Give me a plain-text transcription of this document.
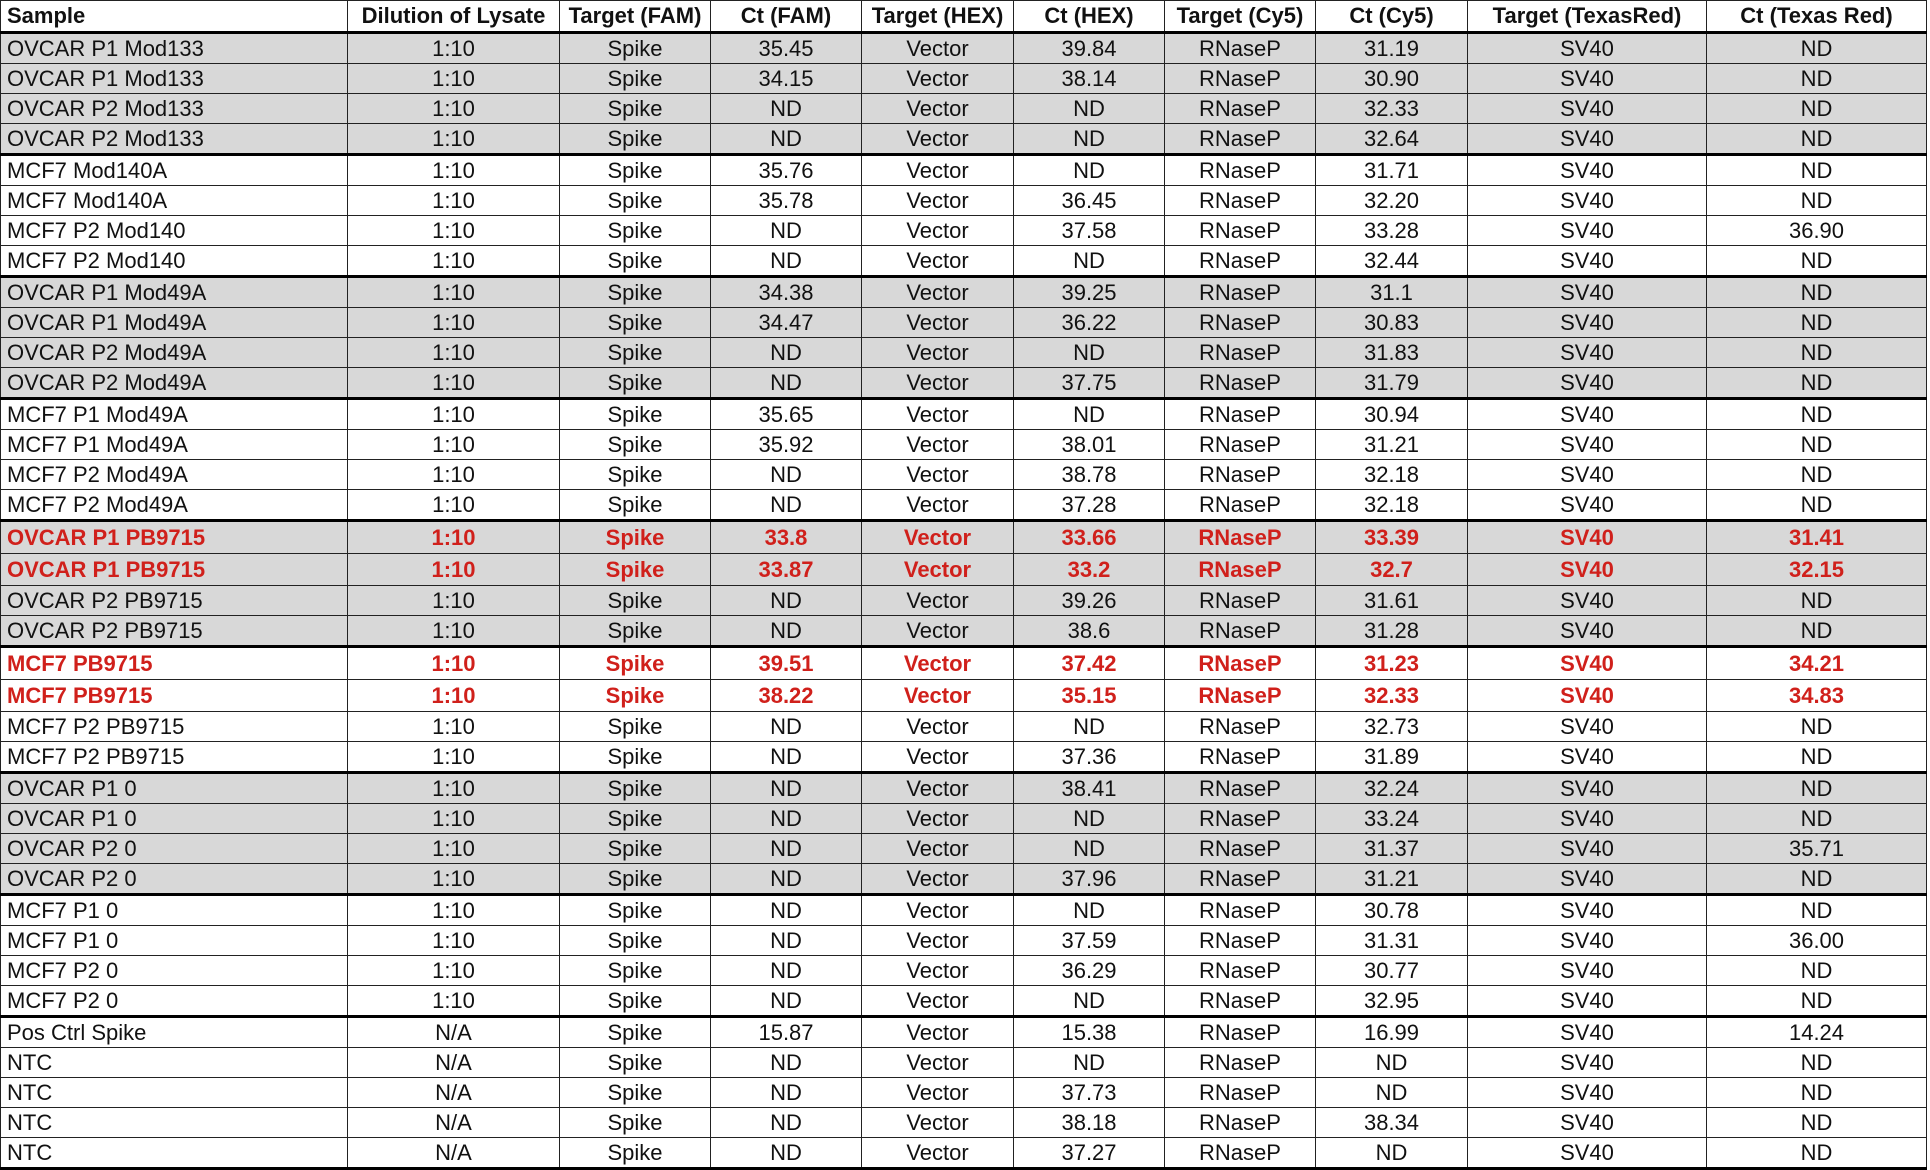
Sample	Dilution of Lysate	Target (FAM)	Ct (FAM)	Target (HEX)	Ct (HEX)	Target (Cy5)	Ct (Cy5)	Target (TexasRed)	Ct (Texas Red)
OVCAR P1 Mod133	1:10	Spike	35.45	Vector	39.84	RNaseP	31.19	SV40	ND
OVCAR P1 Mod133	1:10	Spike	34.15	Vector	38.14	RNaseP	30.90	SV40	ND
OVCAR P2 Mod133	1:10	Spike	ND	Vector	ND	RNaseP	32.33	SV40	ND
OVCAR P2 Mod133	1:10	Spike	ND	Vector	ND	RNaseP	32.64	SV40	ND
MCF7 Mod140A	1:10	Spike	35.76	Vector	ND	RNaseP	31.71	SV40	ND
MCF7 Mod140A	1:10	Spike	35.78	Vector	36.45	RNaseP	32.20	SV40	ND
MCF7 P2 Mod140	1:10	Spike	ND	Vector	37.58	RNaseP	33.28	SV40	36.90
MCF7 P2 Mod140	1:10	Spike	ND	Vector	ND	RNaseP	32.44	SV40	ND
OVCAR P1 Mod49A	1:10	Spike	34.38	Vector	39.25	RNaseP	31.1	SV40	ND
OVCAR P1 Mod49A	1:10	Spike	34.47	Vector	36.22	RNaseP	30.83	SV40	ND
OVCAR P2 Mod49A	1:10	Spike	ND	Vector	ND	RNaseP	31.83	SV40	ND
OVCAR P2 Mod49A	1:10	Spike	ND	Vector	37.75	RNaseP	31.79	SV40	ND
MCF7 P1 Mod49A	1:10	Spike	35.65	Vector	ND	RNaseP	30.94	SV40	ND
MCF7 P1 Mod49A	1:10	Spike	35.92	Vector	38.01	RNaseP	31.21	SV40	ND
MCF7 P2 Mod49A	1:10	Spike	ND	Vector	38.78	RNaseP	32.18	SV40	ND
MCF7 P2 Mod49A	1:10	Spike	ND	Vector	37.28	RNaseP	32.18	SV40	ND
OVCAR P1 PB9715	1:10	Spike	33.8	Vector	33.66	RNaseP	33.39	SV40	31.41
OVCAR P1 PB9715	1:10	Spike	33.87	Vector	33.2	RNaseP	32.7	SV40	32.15
OVCAR P2 PB9715	1:10	Spike	ND	Vector	39.26	RNaseP	31.61	SV40	ND
OVCAR P2 PB9715	1:10	Spike	ND	Vector	38.6	RNaseP	31.28	SV40	ND
MCF7 PB9715	1:10	Spike	39.51	Vector	37.42	RNaseP	31.23	SV40	34.21
MCF7 PB9715	1:10	Spike	38.22	Vector	35.15	RNaseP	32.33	SV40	34.83
MCF7 P2 PB9715	1:10	Spike	ND	Vector	ND	RNaseP	32.73	SV40	ND
MCF7 P2 PB9715	1:10	Spike	ND	Vector	37.36	RNaseP	31.89	SV40	ND
OVCAR P1 0	1:10	Spike	ND	Vector	38.41	RNaseP	32.24	SV40	ND
OVCAR P1 0	1:10	Spike	ND	Vector	ND	RNaseP	33.24	SV40	ND
OVCAR P2 0	1:10	Spike	ND	Vector	ND	RNaseP	31.37	SV40	35.71
OVCAR P2 0	1:10	Spike	ND	Vector	37.96	RNaseP	31.21	SV40	ND
MCF7 P1 0	1:10	Spike	ND	Vector	ND	RNaseP	30.78	SV40	ND
MCF7 P1 0	1:10	Spike	ND	Vector	37.59	RNaseP	31.31	SV40	36.00
MCF7 P2 0	1:10	Spike	ND	Vector	36.29	RNaseP	30.77	SV40	ND
MCF7 P2 0	1:10	Spike	ND	Vector	ND	RNaseP	32.95	SV40	ND
Pos Ctrl Spike	N/A	Spike	15.87	Vector	15.38	RNaseP	16.99	SV40	14.24
NTC	N/A	Spike	ND	Vector	ND	RNaseP	ND	SV40	ND
NTC	N/A	Spike	ND	Vector	37.73	RNaseP	ND	SV40	ND
NTC	N/A	Spike	ND	Vector	38.18	RNaseP	38.34	SV40	ND
NTC	N/A	Spike	ND	Vector	37.27	RNaseP	ND	SV40	ND
